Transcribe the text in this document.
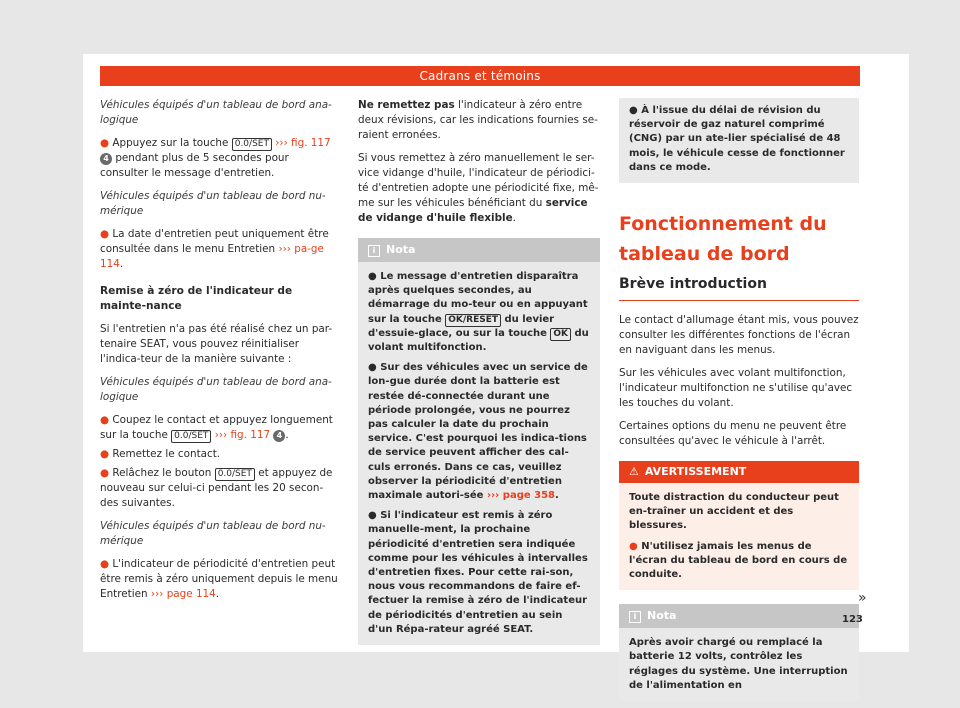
Cadrans et témoins

Véhicules équipés d'un tableau de bord ana-logique

● Appuyez sur la touche 0.0/SET ››› fig. 117 4 pendant plus de 5 secondes pour consulter le message d'entretien.

Véhicules équipés d'un tableau de bord nu-mérique

● La date d'entretien peut uniquement être consultée dans le menu Entretien ››› pa-ge 114.

Remise à zéro de l'indicateur de mainte-nance

Si l'entretien n'a pas été réalisé chez un par-tenaire SEAT, vous pouvez réinitialiser l'indica-teur de la manière suivante :

Véhicules équipés d'un tableau de bord ana-logique

● Coupez le contact et appuyez longuement sur la touche 0.0/SET ››› fig. 117 4 .

● Remettez le contact.

● Relâchez le bouton 0.0/SET et appuyez de nouveau sur celui-ci pendant les 20 secon-des suivantes.

Véhicules équipés d'un tableau de bord nu-mérique

● L'indicateur de périodicité d'entretien peut être remis à zéro uniquement depuis le menu Entretien ››› page 114.

Ne remettez pas l'indicateur à zéro entre deux révisions, car les indications fournies se-raient erronées.

Si vous remettez à zéro manuellement le ser-vice vidange d'huile, l'indicateur de périodici-té d'entretien adopte une périodicité fixe, mê-me sur les véhicules bénéficiant du service de vidange d'huile flexible.

i Nota

● Le message d'entretien disparaîtra après quelques secondes, au démarrage du mo-teur ou en appuyant sur la touche OK/RESET du levier d'essuie-glace, ou sur la touche OK du volant multifonction.

● Sur des véhicules avec un service de lon-gue durée dont la batterie est restée dé-connectée durant une période prolongée, vous ne pourrez pas calculer la date du prochain service. C'est pourquoi les indica-tions de service peuvent afficher des cal-culs erronés. Dans ce cas, veuillez observer la périodicité d'entretien maximale autori-sée ››› page 358.

● Si l'indicateur est remis à zéro manuelle-ment, la prochaine périodicité d'entretien sera indiquée comme pour les véhicules à intervalles d'entretien fixes. Pour cette rai-son, nous vous recommandons de faire ef-fectuer la remise à zéro de l'indicateur de périodicités d'entretien au sein d'un Répa-rateur agréé SEAT.

● À l'issue du délai de révision du réservoir de gaz naturel comprimé (CNG) par un ate-lier spécialisé de 48 mois, le véhicule cesse de fonctionner dans ce mode.

Fonctionnement du tableau de bord

Brève introduction

Le contact d'allumage étant mis, vous pouvez consulter les différentes fonctions de l'écran en naviguant dans les menus.

Sur les véhicules avec volant multifonction, l'indicateur multifonction ne s'utilise qu'avec les touches du volant.

Certaines options du menu ne peuvent être consultées qu'avec le véhicule à l'arrêt.

⚠ AVERTISSEMENT

Toute distraction du conducteur peut en-traîner un accident et des blessures.

● N'utilisez jamais les menus de l'écran du tableau de bord en cours de conduite.

i Nota

Après avoir chargé ou remplacé la batterie 12 volts, contrôlez les réglages du système. Une interruption de l'alimentation en

»
123
